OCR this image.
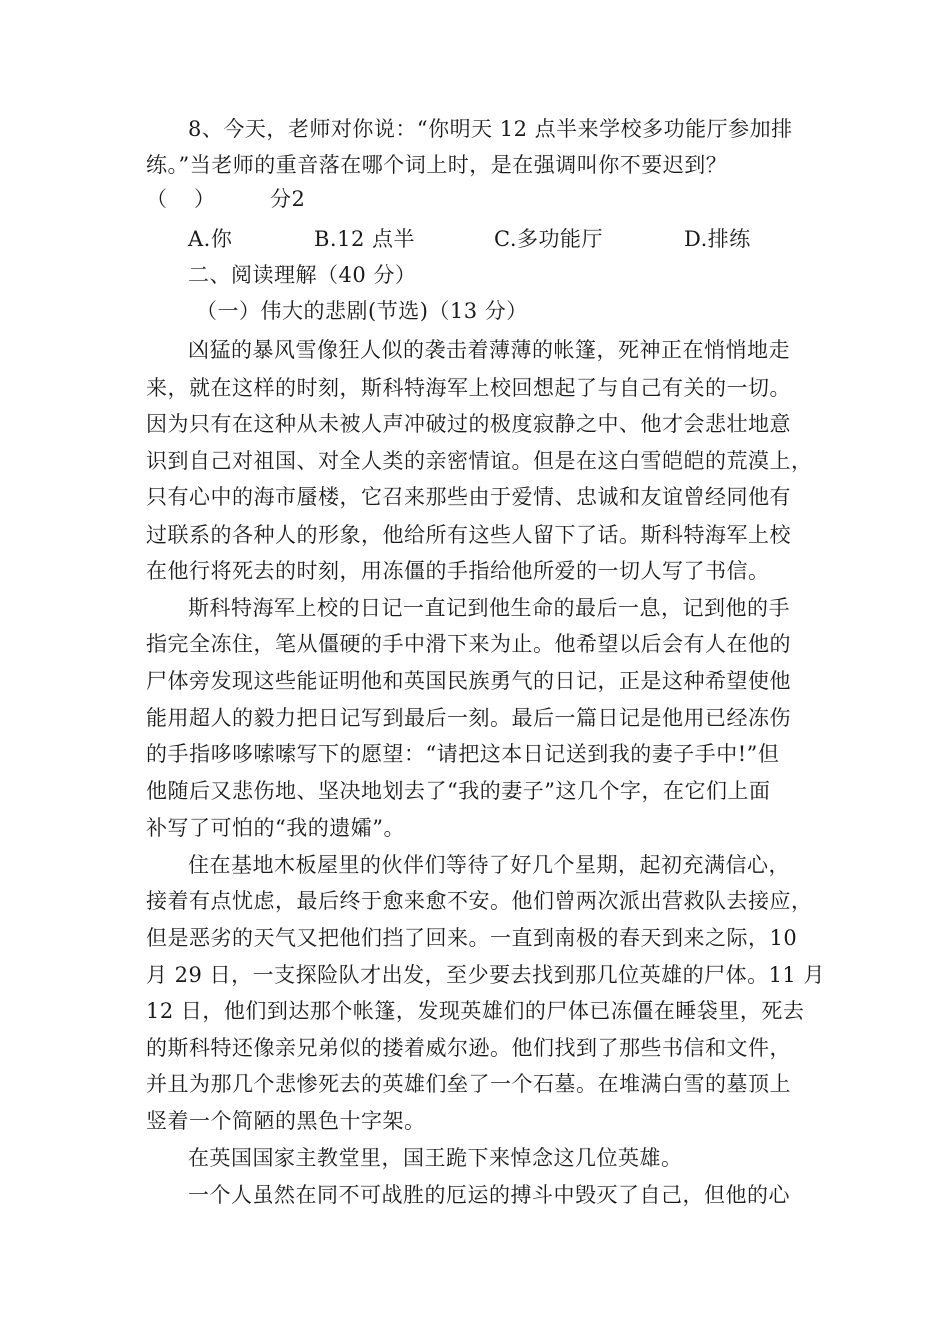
8、今天，老师对你说：“你明天 12 点半来学校多功能厅参加排
练。”当老师的重音落在哪个词上时，是在强调叫你不要迟到？
（ ）	分2
A.你	B.12 点半	C.多功能厅	D.排练
二、阅读理解（40 分）
（一）伟大的悲剧(节选)（13 分）
凶猛的暴风雪像狂人似的袭击着薄薄的帐篷，死神正在悄悄地走
来，就在这样的时刻，斯科特海军上校回想起了与自己有关的一切。
因为只有在这种从未被人声冲破过的极度寂静之中、他才会悲壮地意
识到自己对祖国、对全人类的亲密情谊。但是在这白雪皑皑的荒漠上，
只有心中的海市蜃楼，它召来那些由于爱情、忠诚和友谊曾经同他有
过联系的各种人的形象，他给所有这些人留下了话。斯科特海军上校
在他行将死去的时刻，用冻僵的手指给他所爱的一切人写了书信。
斯科特海军上校的日记一直记到他生命的最后一息，记到他的手
指完全冻住，笔从僵硬的手中滑下来为止。他希望以后会有人在他的
尸体旁发现这些能证明他和英国民族勇气的日记，正是这种希望使他
能用超人的毅力把日记写到最后一刻。最后一篇日记是他用已经冻伤
的手指哆哆嗦嗦写下的愿望：“请把这本日记送到我的妻子手中!”但
他随后又悲伤地、坚决地划去了“我的妻子”这几个字，在它们上面
补写了可怕的“我的遗孀”。
住在基地木板屋里的伙伴们等待了好几个星期，起初充满信心，
接着有点忧虑，最后终于愈来愈不安。他们曾两次派出营救队去接应，
但是恶劣的天气又把他们挡了回来。一直到南极的春天到来之际，10
月 29 日，一支探险队才出发，至少要去找到那几位英雄的尸体。11 月
12 日，他们到达那个帐篷，发现英雄们的尸体已冻僵在睡袋里，死去
的斯科特还像亲兄弟似的搂着威尔逊。他们找到了那些书信和文件，
并且为那几个悲惨死去的英雄们垒了一个石墓。在堆满白雪的墓顶上
竖着一个简陋的黑色十字架。
在英国国家主教堂里，国王跪下来悼念这几位英雄。
一个人虽然在同不可战胜的厄运的搏斗中毁灭了自己，但他的心
